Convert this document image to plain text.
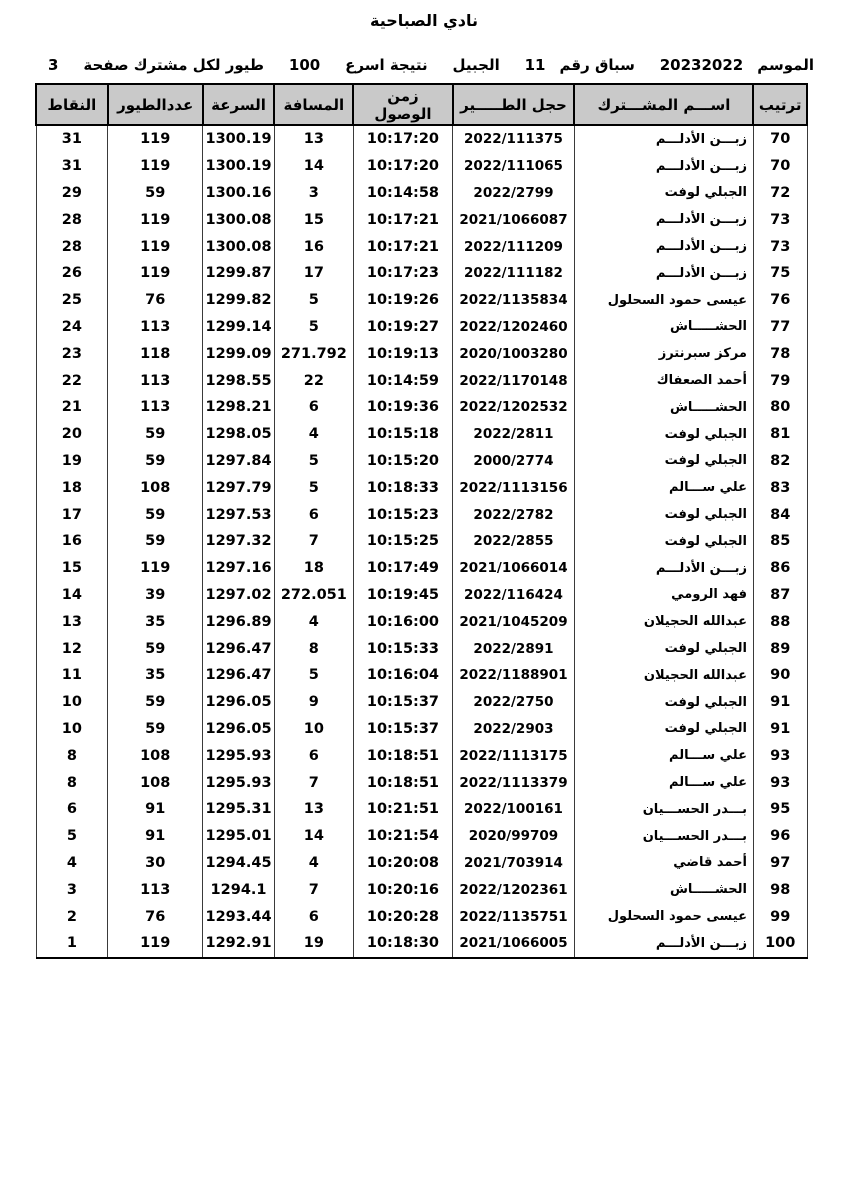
نادي الصباحية
الموسم
20232022
سباق رقم
11
الجبيل
نتيجة اسرع
100
طيور لكل مشترك صفحة
3
ترتيب	اســـم المشـــترك	حجل الطـــــير	زمن الوصول	المسافة	السرعة	عددالطيور	النقاط
70	زبـــن الأدلـــم	2022/111375	10:17:20	13	1300.19	119	31
70	زبـــن الأدلـــم	2022/111065	10:17:20	14	1300.19	119	31
72	الجبلي لوفت	2022/2799	10:14:58	3	1300.16	59	29
73	زبـــن الأدلـــم	2021/1066087	10:17:21	15	1300.08	119	28
73	زبـــن الأدلـــم	2022/111209	10:17:21	16	1300.08	119	28
75	زبـــن الأدلـــم	2022/111182	10:17:23	17	1299.87	119	26
76	عيسى حمود السحلول	2022/1135834	10:19:26	5	1299.82	76	25
77	الحشـــــاش	2022/1202460	10:19:27	5	1299.14	113	24
78	مركز سبرنترز	2020/1003280	10:19:13	271.792	1299.09	118	23
79	أحمد الصعفاك	2022/1170148	10:14:59	22	1298.55	113	22
80	الحشـــــاش	2022/1202532	10:19:36	6	1298.21	113	21
81	الجبلي لوفت	2022/2811	10:15:18	4	1298.05	59	20
82	الجبلي لوفت	2000/2774	10:15:20	5	1297.84	59	19
83	علي ســـالم	2022/1113156	10:18:33	5	1297.79	108	18
84	الجبلي لوفت	2022/2782	10:15:23	6	1297.53	59	17
85	الجبلي لوفت	2022/2855	10:15:25	7	1297.32	59	16
86	زبـــن الأدلـــم	2021/1066014	10:17:49	18	1297.16	119	15
87	فهد الرومي	2022/116424	10:19:45	272.051	1297.02	39	14
88	عبدالله الحجيلان	2021/1045209	10:16:00	4	1296.89	35	13
89	الجبلي لوفت	2022/2891	10:15:33	8	1296.47	59	12
90	عبدالله الحجيلان	2022/1188901	10:16:04	5	1296.47	35	11
91	الجبلي لوفت	2022/2750	10:15:37	9	1296.05	59	10
91	الجبلي لوفت	2022/2903	10:15:37	10	1296.05	59	10
93	علي ســـالم	2022/1113175	10:18:51	6	1295.93	108	8
93	علي ســـالم	2022/1113379	10:18:51	7	1295.93	108	8
95	بـــدر الحســـيان	2022/100161	10:21:51	13	1295.31	91	6
96	بـــدر الحســـيان	2020/99709	10:21:54	14	1295.01	91	5
97	أحمد قاضي	2021/703914	10:20:08	4	1294.45	30	4
98	الحشـــــاش	2022/1202361	10:20:16	7	1294.1	113	3
99	عيسى حمود السحلول	2022/1135751	10:20:28	6	1293.44	76	2
100	زبـــن الأدلـــم	2021/1066005	10:18:30	19	1292.91	119	1
